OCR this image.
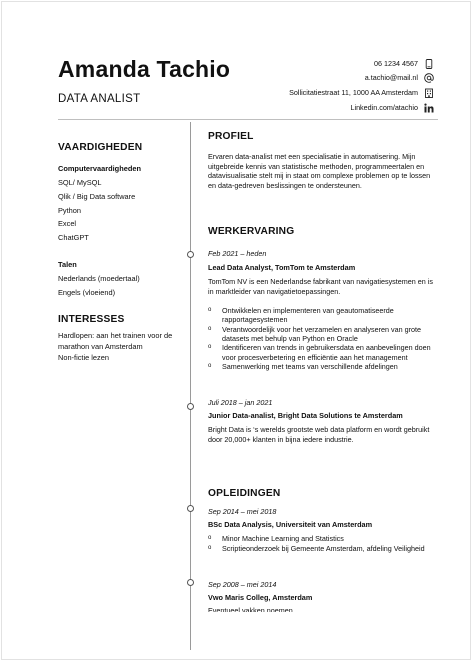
Amanda Tachio
DATA ANALIST
06 1234 4567
a.tachio@mail.nl
Sollicitatiestraat 11, 1000 AA Amsterdam
Linkedin.com/atachio
VAARDIGHEDEN
Computervaardigheden
SQL/ MySQL
Qlik / Big Data software
Python
Excel
ChatGPT
Talen
Nederlands (moedertaal)
Engels (vloeiend)
INTERESSES
Hardlopen: aan het trainen voor de marathon van Amsterdam
Non-fictie lezen
PROFIEL
Ervaren data-analist met een specialisatie in automatisering. Mijn uitgebreide kennis van statistische methoden, programmeertalen en datavisualisatie stelt mij in staat om complexe problemen op te lossen en data-gedreven beslissingen te ondersteunen.
WERKERVARING
Feb 2021 – heden
Lead Data Analyst, TomTom te Amsterdam
TomTom NV is een Nederlandse fabrikant van navigatiesystemen en is in marktleider van navigatietoepassingen.
o Ontwikkelen en implementeren van geautomatiseerde rapportagesystemen
o Verantwoordelijk voor het verzamelen en analyseren van grote datasets met behulp van Python en Oracle
o Identificeren van trends in gebruikersdata en aanbevelingen doen voor procesverbetering en efficiëntie aan het management
o Samenwerking met teams van verschillende afdelingen
Juli 2018 – jan 2021
Junior Data-analist, Bright Data Solutions te Amsterdam
Bright Data is ‘s werelds grootste web data platform en wordt gebruikt door 20,000+ klanten in bijna iedere industrie.
OPLEIDINGEN
Sep 2014 – mei 2018
BSc Data Analysis, Universiteit van Amsterdam
o Minor Machine Learning and Statistics
o Scriptieonderzoek bij Gemeente Amsterdam, afdeling Veiligheid
Sep 2008 – mei 2014
Vwo Maris Colleg, Amsterdam
Eventueel vakken noemen
